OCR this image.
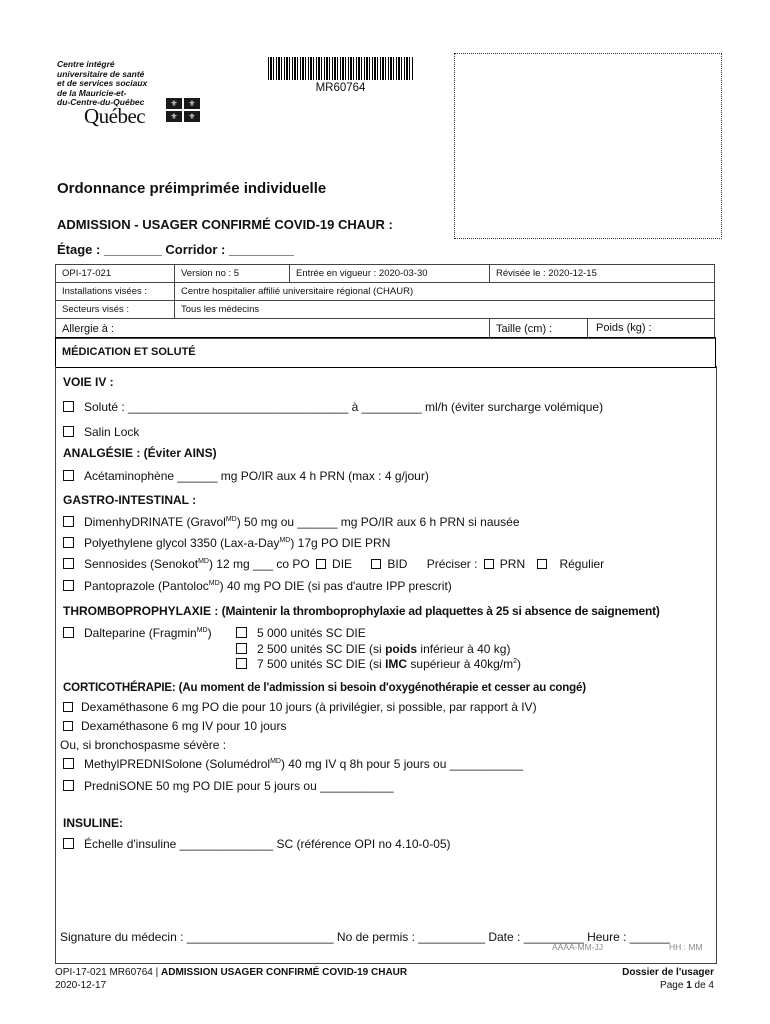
Centre intégré
universitaire de santé
et de services sociaux
de la Mauricie-et-
du-Centre-du-Québec
Québec
⚜	⚜
⚜	⚜
MR60764
Ordonnance préimprimée individuelle
ADMISSION - USAGER CONFIRMÉ COVID-19 CHAUR :
Étage : ________ Corridor : _________
OPI-17-021	Version no : 5	Entrée en vigueur : 2020-03-30	Révisée le : 2020-12-15
Installations visées :	Centre hospitalier affilié universitaire régional (CHAUR)		
Secteurs visés :	Tous les médecins		
Allergie à :			Taille (cm) : Poids (kg) :
MÉDICATION ET SOLUTÉ
VOIE IV :
Soluté : _________________________________ à _________ ml/h (éviter surcharge volémique)
Salin Lock
ANALGÉSIE : (Éviter AINS)
Acétaminophène ______ mg PO/IR aux 4 h PRN (max : 4 g/jour)
GASTRO-INTESTINAL :
DimenhyDRINATE (Gravol$^{MD}$) 50 mg ou ______ mg PO/IR aux 6 h PRN si nausée
Polyethylene glycol 3350 (Lax-a-Day$^{MD}$) 17g PO DIE PRN
Sennosides (Senokot$^{MD}$) 12 mg ___ co PO DIE	BID Préciser : PRN	Régulier
Pantoprazole (Pantoloc$^{MD}$) 40 mg PO DIE (si pas d'autre IPP prescrit)
THROMBOPROPHYLAXIE : (Maintenir la thromboprophylaxie ad plaquettes à 25 si absence de saignement)
Dalteparine (Fragmin$^{MD}$)	5 000 unités SC DIE
2 500 unités SC DIE (si poids inférieur à 40 kg)
7 500 unités SC DIE (si IMC supérieur à $40kg/m^2$)
CORTICOTHÉRAPIE: (Au moment de l'admission si besoin d'oxygénothérapie et cesser au congé)
Dexaméthasone 6 mg PO die pour 10 jours (à privilégier, si possible, par rapport à IV)
Dexaméthasone 6 mg IV pour 10 jours
Ou, si bronchospasme sévère :
MethylPREDNISolone (Solumédrol$^{MD}$) 40 mg IV q 8h pour 5 jours ou ___________
PredniSONE 50 mg PO DIE pour 5 jours ou ___________
INSULINE:
Échelle d'insuline ______________ SC (référence OPI no 4.10-0-05)
Signature du médecin : ______________________ No de permis : __________ Date : _________ Heure : ______
AAAA-MM-JJ	HH : MM
OPI-17-021 MR60764 | ADMISSION USAGER CONFIRMÉ COVID-19 CHAUR
2020-12-17
Dossier de l'usager
Page 1 de 4
